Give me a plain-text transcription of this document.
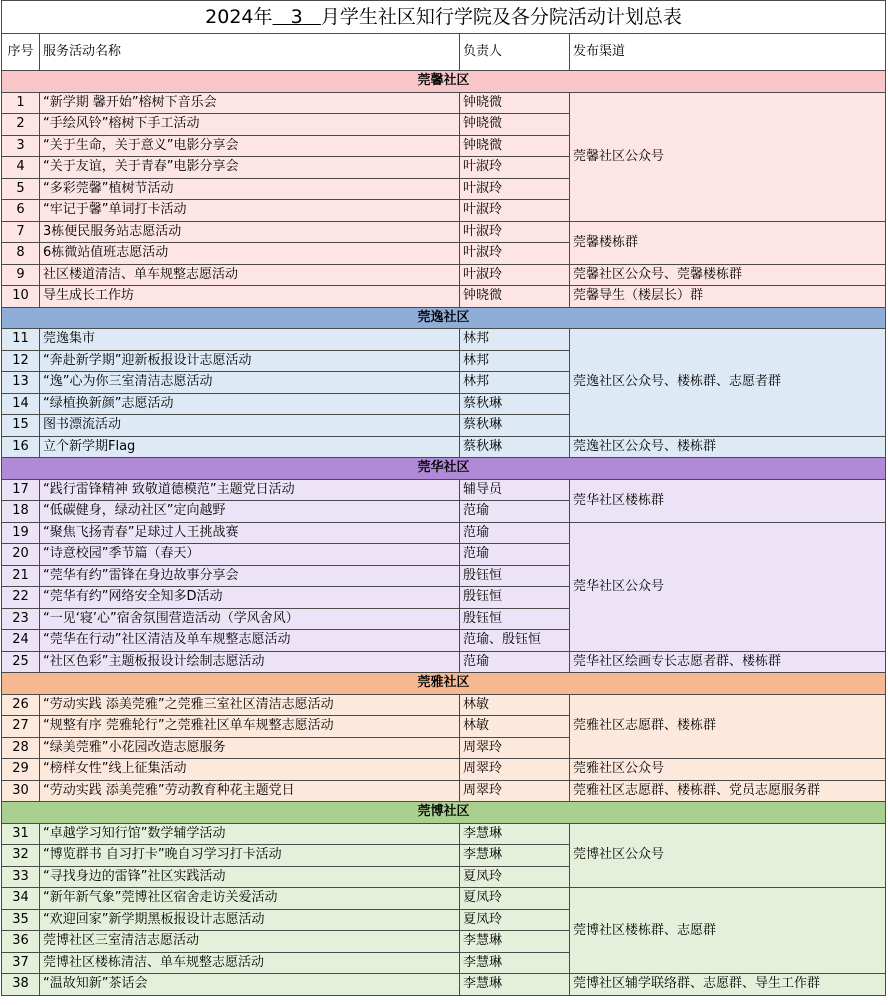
2024年 3 月学生社区知行学院及各分院活动计划总表			
序号	服务活动名称	负责人	发布渠道
莞馨社区			
1	“新学期 馨开始”榕树下音乐会	钟晓微	莞馨社区公众号
2	“手绘风铃”榕树下手工活动	钟晓微	
3	“关于生命，关于意义”电影分享会	钟晓微	
4	“关于友谊，关于青春”电影分享会	叶淑玲	
5	“多彩莞馨”植树节活动	叶淑玲	
6	“牢记于馨”单词打卡活动	叶淑玲	
7	3栋便民服务站志愿活动	叶淑玲	莞馨楼栋群
8	6栋微站值班志愿活动	叶淑玲	
9	社区楼道清洁、单车规整志愿活动	叶淑玲	莞馨社区公众号、莞馨楼栋群
10	导生成长工作坊	钟晓微	莞馨导生（楼层长）群
莞逸社区			
11	莞逸集市	林邦	莞逸社区公众号、楼栋群、志愿者群
12	“奔赴新学期”迎新板报设计志愿活动	林邦	
13	“逸”心为你三室清洁志愿活动	林邦	
14	“绿植换新颜”志愿活动	蔡秋琳	
15	图书漂流活动	蔡秋琳	
16	立个新学期Flag	蔡秋琳	莞逸社区公众号、楼栋群
莞华社区			
17	“践行雷锋精神 致敬道德模范”主题党日活动	辅导员	莞华社区楼栋群
18	“低碳健身，绿动社区”定向越野	范瑜	
19	“聚焦飞扬青春”足球过人王挑战赛	范瑜	莞华社区公众号
20	“诗意校园”季节篇（春天）	范瑜	
21	“莞华有约”雷锋在身边故事分享会	殷钰恒	
22	“莞华有约”网络安全知多D活动	殷钰恒	
23	“一见‘寝’心”宿舍氛围营造活动（学风舍风）	殷钰恒	
24	“莞华在行动”社区清洁及单车规整志愿活动	范瑜、殷钰恒	
25	“社区色彩”主题板报设计绘制志愿活动	范瑜	莞华社区绘画专长志愿者群、楼栋群
莞雅社区			
26	“劳动实践 添美莞雅”之莞雅三室社区清洁志愿活动	林敏	莞雅社区志愿群、楼栋群
27	“规整有序 莞雅轮行”之莞雅社区单车规整志愿活动	林敏	
28	“绿美莞雅”小花园改造志愿服务	周翠玲	
29	“榜样女性”线上征集活动	周翠玲	莞雅社区公众号
30	“劳动实践 添美莞雅”劳动教育种花主题党日	周翠玲	莞雅社区志愿群、楼栋群、党员志愿服务群
莞博社区			
31	“卓越学习知行馆”数学辅学活动	李慧琳	莞博社区公众号
32	“博览群书 自习打卡”晚自习学习打卡活动	李慧琳	
33	“寻找身边的雷锋”社区实践活动	夏凤玲	
34	“新年新气象”莞博社区宿舍走访关爱活动	夏凤玲	莞博社区楼栋群、志愿群
35	“欢迎回家”新学期黑板报设计志愿活动	夏凤玲	
36	莞博社区三室清洁志愿活动	李慧琳	
37	莞博社区楼栋清洁、单车规整志愿活动	李慧琳	
38	“温故知新”茶话会	李慧琳	莞博社区辅学联络群、志愿群、导生工作群
